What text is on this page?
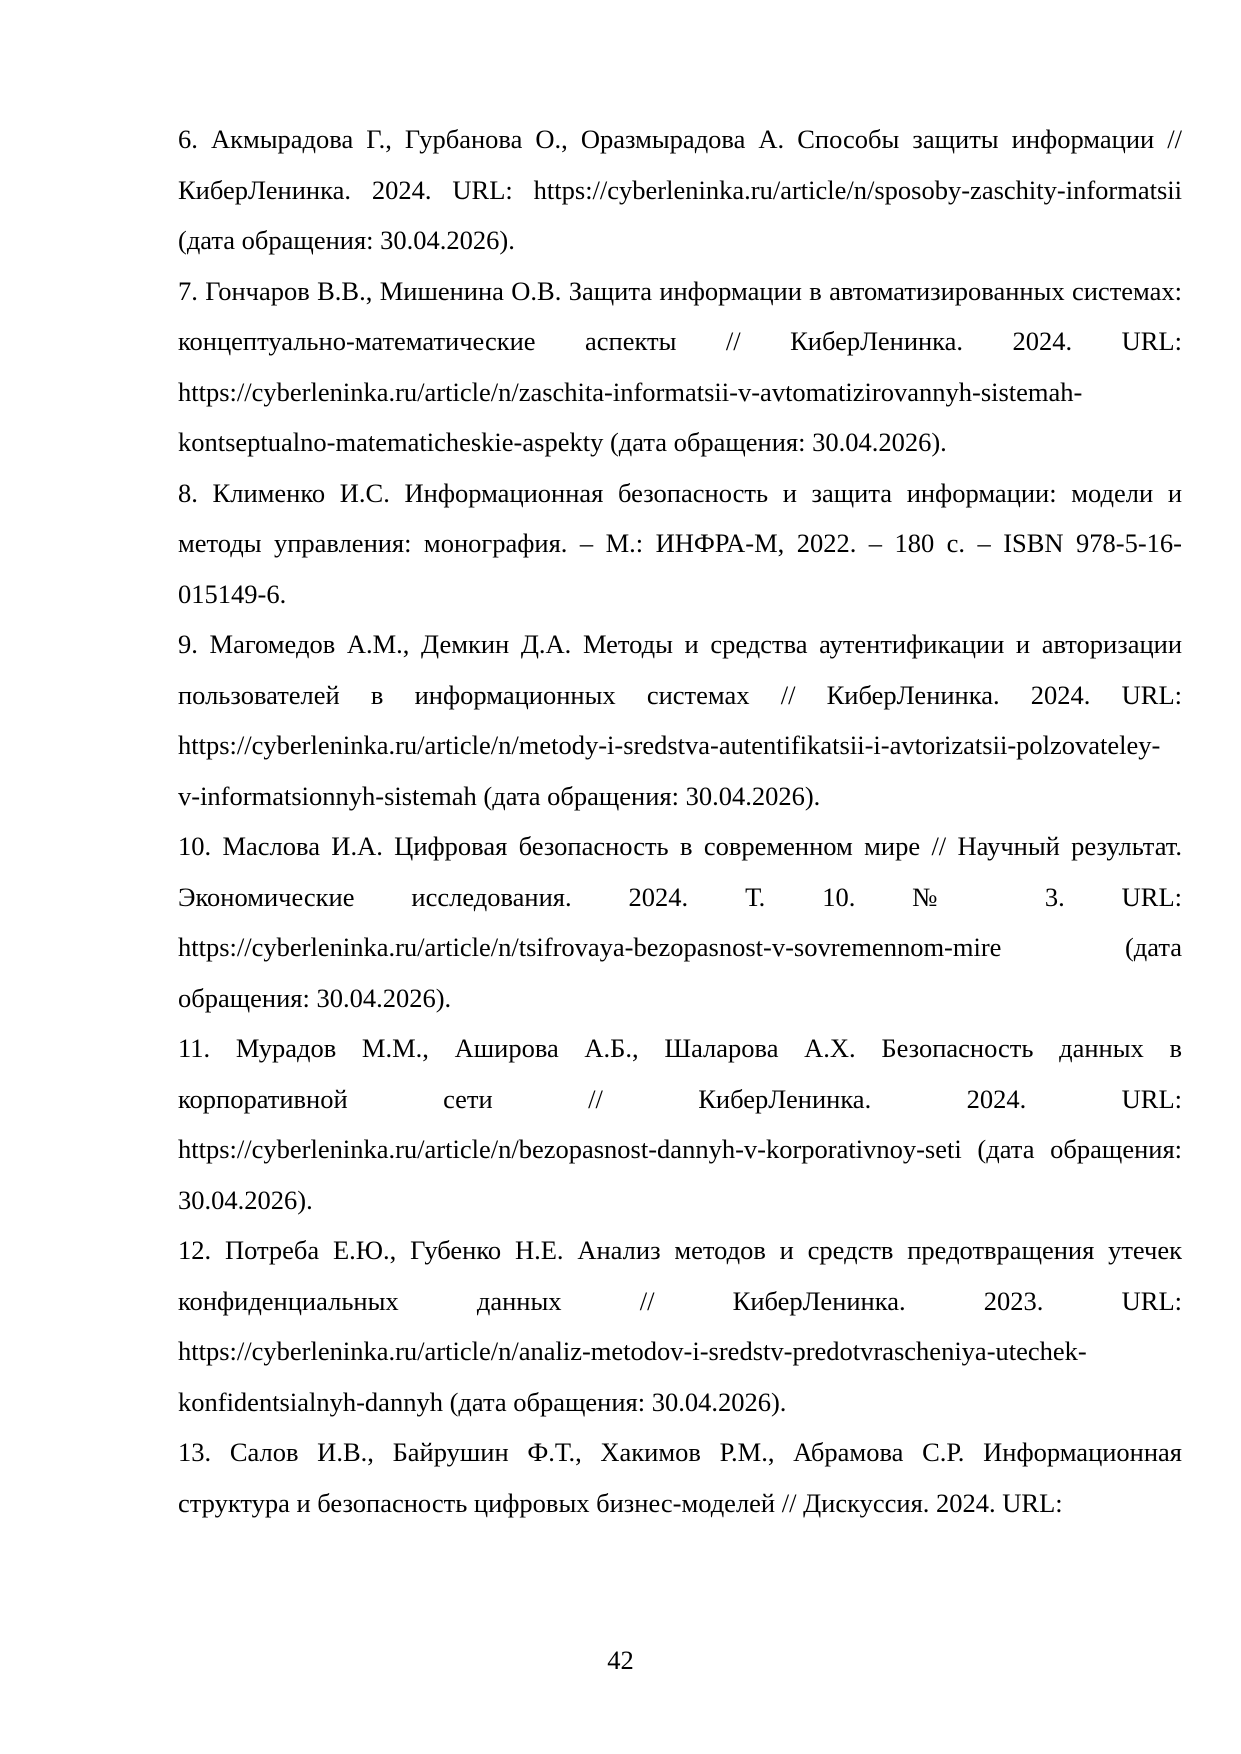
6. Акмырадова Г., Гурбанова О., Оразмырадова А. Способы защиты информации // КиберЛенинка. 2024. URL: https://cyberleninka.ru/article/n/sposoby-zaschity-informatsii (дата обращения: 30.04.2026).
7. Гончаров В.В., Мишенина О.В. Защита информации в автоматизированных системах: концептуально-математические аспекты // КиберЛенинка. 2024. URL: https://cyberleninka.ru/article/n/zaschita-informatsii-v-avtomatizirovannyh-sistemah-kontseptualno-matematicheskie-aspekty (дата обращения: 30.04.2026).
8. Клименко И.С. Информационная безопасность и защита информации: модели и методы управления: монография. – М.: ИНФРА-М, 2022. – 180 с. – ISBN 978-5-16-015149-6.
9. Магомедов А.М., Демкин Д.А. Методы и средства аутентификации и авторизации пользователей в информационных системах // КиберЛенинка. 2024. URL: https://cyberleninka.ru/article/n/metody-i-sredstva-autentifikatsii-i-avtorizatsii-polzovateley-v-informatsionnyh-sistemah (дата обращения: 30.04.2026).
10. Маслова И.А. Цифровая безопасность в современном мире // Научный результат. Экономические исследования. 2024. Т. 10. № 3. URL: https://cyberleninka.ru/article/n/tsifrovaya-bezopasnost-v-sovremennom-mire (дата обращения: 30.04.2026).
11. Мурадов М.М., Аширова А.Б., Шаларова А.Х. Безопасность данных в корпоративной сети // КиберЛенинка. 2024. URL: https://cyberleninka.ru/article/n/bezopasnost-dannyh-v-korporativnoy-seti (дата обращения: 30.04.2026).
12. Потреба Е.Ю., Губенко Н.Е. Анализ методов и средств предотвращения утечек конфиденциальных данных // КиберЛенинка. 2023. URL: https://cyberleninka.ru/article/n/analiz-metodov-i-sredstv-predotvrascheniya-utechek-konfidentsialnyh-dannyh (дата обращения: 30.04.2026).
13. Салов И.В., Байрушин Ф.Т., Хакимов Р.М., Абрамова С.Р. Информационная структура и безопасность цифровых бизнес-моделей // Дискуссия. 2024. URL:
42
